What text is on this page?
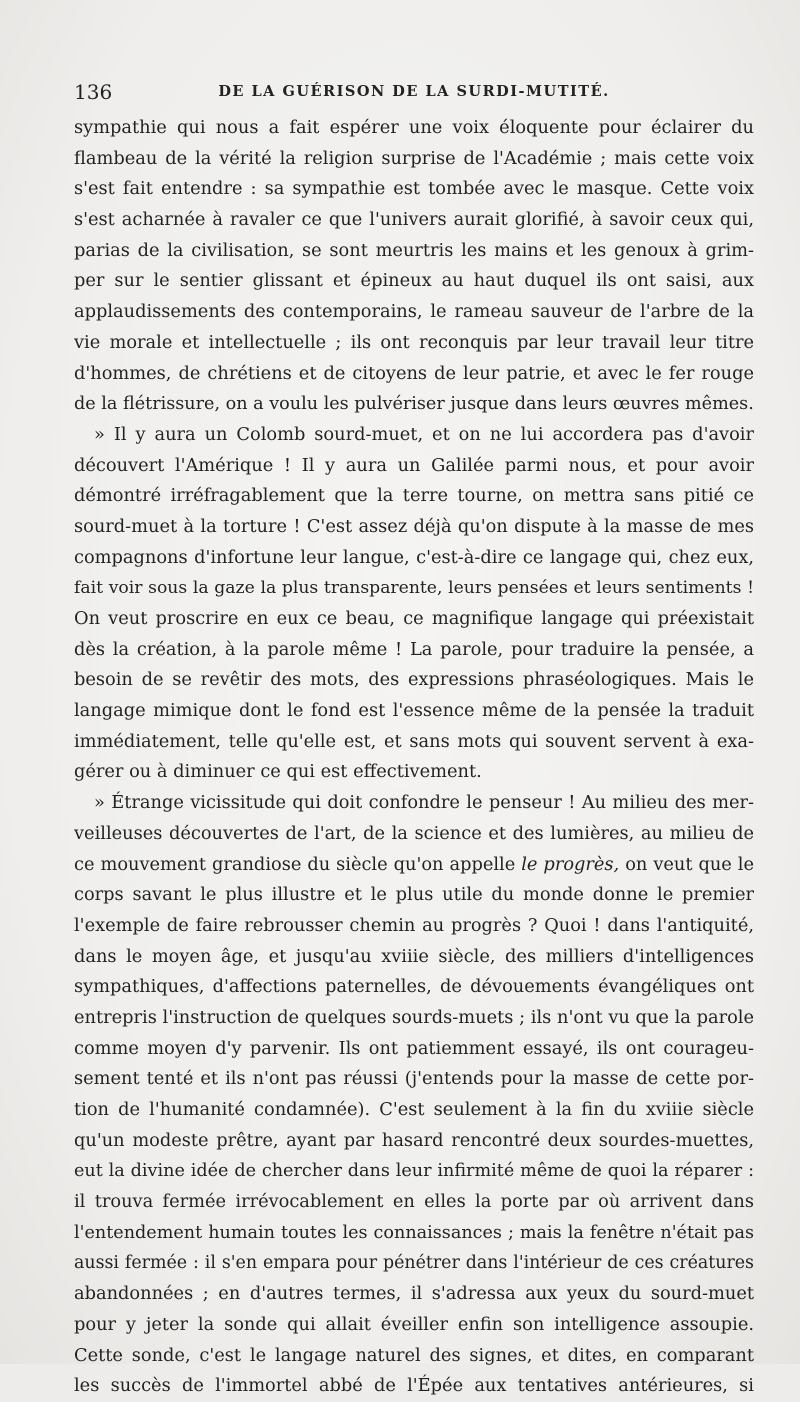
136	DE LA GUÉRISON DE LA SURDI-MUTITÉ.
sympathie qui nous a fait espérer une voix éloquente pour éclairer du
flambeau de la vérité la religion surprise de l'Académie ; mais cette voix
s'est fait entendre : sa sympathie est tombée avec le masque. Cette voix
s'est acharnée à ravaler ce que l'univers aurait glorifié, à savoir ceux qui,
parias de la civilisation, se sont meurtris les mains et les genoux à grim-
per sur le sentier glissant et épineux au haut duquel ils ont saisi, aux
applaudissements des contemporains, le rameau sauveur de l'arbre de la
vie morale et intellectuelle ; ils ont reconquis par leur travail leur titre
d'hommes, de chrétiens et de citoyens de leur patrie, et avec le fer rouge
de la flétrissure, on a voulu les pulvériser jusque dans leurs œuvres mêmes.
» Il y aura un Colomb sourd-muet, et on ne lui accordera pas d'avoir
découvert l'Amérique ! Il y aura un Galilée parmi nous, et pour avoir
démontré irréfragablement que la terre tourne, on mettra sans pitié ce
sourd-muet à la torture ! C'est assez déjà qu'on dispute à la masse de mes
compagnons d'infortune leur langue, c'est-à-dire ce langage qui, chez eux,
fait voir sous la gaze la plus transparente, leurs pensées et leurs sentiments !
On veut proscrire en eux ce beau, ce magnifique langage qui préexistait
dès la création, à la parole même ! La parole, pour traduire la pensée, a
besoin de se revêtir des mots, des expressions phraséologiques. Mais le
langage mimique dont le fond est l'essence même de la pensée la traduit
immédiatement, telle qu'elle est, et sans mots qui souvent servent à exa-
gérer ou à diminuer ce qui est effectivement.
» Étrange vicissitude qui doit confondre le penseur ! Au milieu des mer-
veilleuses découvertes de l'art, de la science et des lumières, au milieu de
ce mouvement grandiose du siècle qu'on appelle le progrès, on veut que le
corps savant le plus illustre et le plus utile du monde donne le premier
l'exemple de faire rebrousser chemin au progrès ? Quoi ! dans l'antiquité,
dans le moyen âge, et jusqu'au xviiie siècle, des milliers d'intelligences
sympathiques, d'affections paternelles, de dévouements évangéliques ont
entrepris l'instruction de quelques sourds-muets ; ils n'ont vu que la parole
comme moyen d'y parvenir. Ils ont patiemment essayé, ils ont courageu-
sement tenté et ils n'ont pas réussi (j'entends pour la masse de cette por-
tion de l'humanité condamnée). C'est seulement à la fin du xviiie siècle
qu'un modeste prêtre, ayant par hasard rencontré deux sourdes-muettes,
eut la divine idée de chercher dans leur infirmité même de quoi la réparer :
il trouva fermée irrévocablement en elles la porte par où arrivent dans
l'entendement humain toutes les connaissances ; mais la fenêtre n'était pas
aussi fermée : il s'en empara pour pénétrer dans l'intérieur de ces créatures
abandonnées ; en d'autres termes, il s'adressa aux yeux du sourd-muet
pour y jeter la sonde qui allait éveiller enfin son intelligence assoupie.
Cette sonde, c'est le langage naturel des signes, et dites, en comparant
les succès de l'immortel abbé de l'Épée aux tentatives antérieures, si
